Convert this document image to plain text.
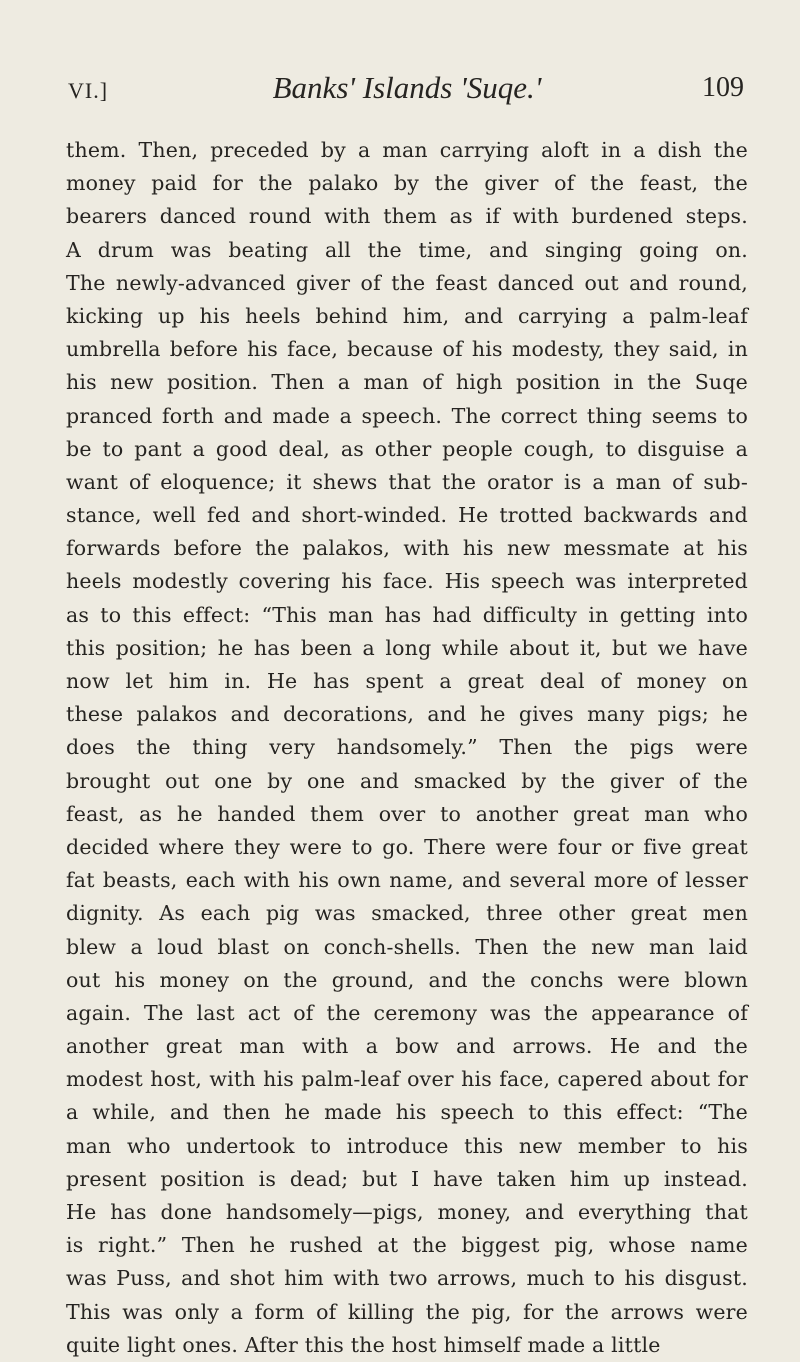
VI.]	Banks' Islands 'Suqe.'	109
them. Then, preceded by a man carrying aloft in a dish the
money paid for the palako by the giver of the feast, the
bearers danced round with them as if with burdened steps.
A drum was beating all the time, and singing going on.
The newly-advanced giver of the feast danced out and round,
kicking up his heels behind him, and carrying a palm-leaf
umbrella before his face, because of his modesty, they said, in
his new position. Then a man of high position in the Suqe
pranced forth and made a speech. The correct thing seems to
be to pant a good deal, as other people cough, to disguise a
want of eloquence; it shews that the orator is a man of sub-
stance, well fed and short-winded. He trotted backwards and
forwards before the palakos, with his new messmate at his
heels modestly covering his face. His speech was interpreted
as to this effect: “This man has had difficulty in getting into
this position; he has been a long while about it, but we have
now let him in. He has spent a great deal of money on
these palakos and decorations, and he gives many pigs; he
does the thing very handsomely.” Then the pigs were
brought out one by one and smacked by the giver of the
feast, as he handed them over to another great man who
decided where they were to go. There were four or five great
fat beasts, each with his own name, and several more of lesser
dignity. As each pig was smacked, three other great men
blew a loud blast on conch-shells. Then the new man laid
out his money on the ground, and the conchs were blown
again. The last act of the ceremony was the appearance of
another great man with a bow and arrows. He and the
modest host, with his palm-leaf over his face, capered about for
a while, and then he made his speech to this effect: “The
man who undertook to introduce this new member to his
present position is dead; but I have taken him up instead.
He has done handsomely—pigs, money, and everything that
is right.” Then he rushed at the biggest pig, whose name
was Puss, and shot him with two arrows, much to his disgust.
This was only a form of killing the pig, for the arrows were
quite light ones. After this the host himself made a little
